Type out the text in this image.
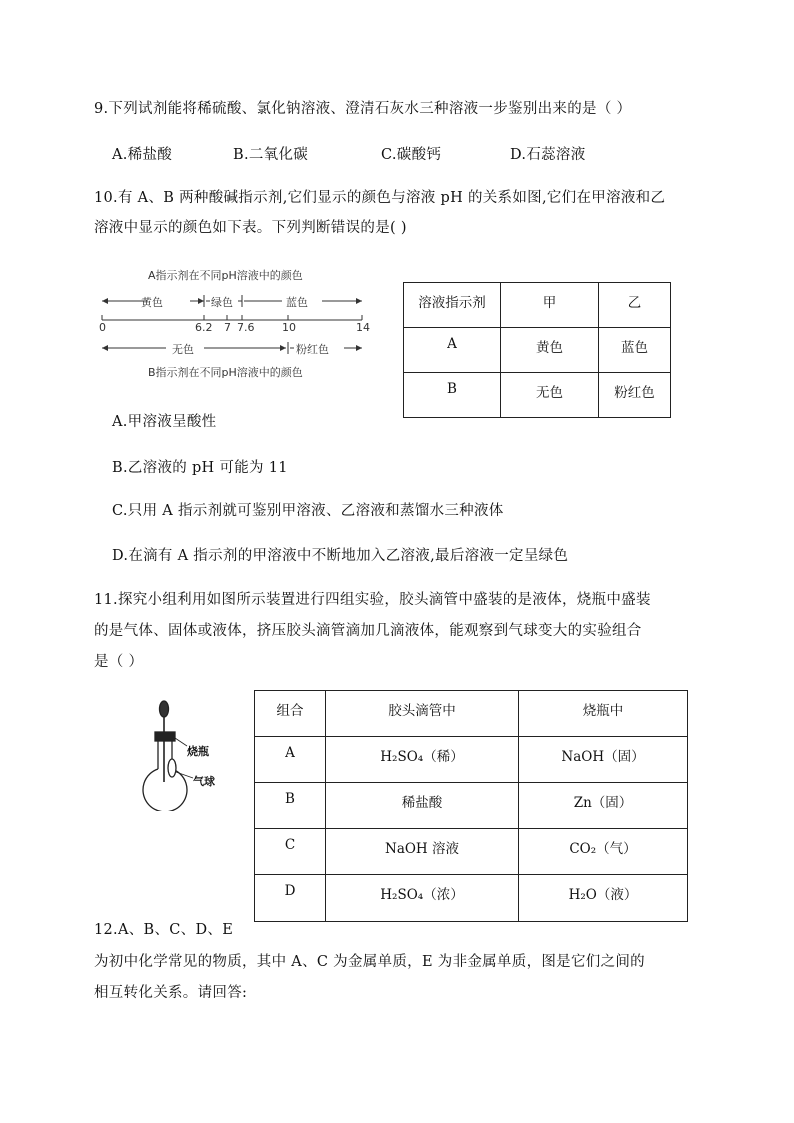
9.下列试剂能将稀硫酸、氯化钠溶液、澄清石灰水三种溶液一步鉴别出来的是（ ）
A.稀盐酸	B.二氧化碳	C.碳酸钙	D.石蕊溶液
10.有 A、B 两种酸碱指示剂,它们显示的颜色与溶液 pH 的关系如图,它们在甲溶液和乙
溶液中显示的颜色如下表。下列判断错误的是( )
A指示剂在不同pH溶液中的颜色
黄色	绿色	蓝色
0	6.2 7 7.6	10	14
无色	粉红色
B指示剂在不同pH溶液中的颜色
溶液指示剂	甲	乙
A	黄色	蓝色
B	无色	粉红色
A.甲溶液呈酸性
B.乙溶液的 pH 可能为 11
C.只用 A 指示剂就可鉴别甲溶液、乙溶液和蒸馏水三种液体
D.在滴有 A 指示剂的甲溶液中不断地加入乙溶液,最后溶液一定呈绿色
11.探究小组利用如图所示装置进行四组实验，胶头滴管中盛装的是液体，烧瓶中盛装
的是气体、固体或液体，挤压胶头滴管滴加几滴液体，能观察到气球变大的实验组合
是（ ）
烧瓶
气球
组合	胶头滴管中	烧瓶中
A	H₂SO₄（稀）	NaOH（固）
B	稀盐酸	Zn（固）
C	NaOH 溶液	CO₂（气）
D	H₂SO₄（浓）	H₂O（液）
12.A、B、C、D、E
为初中化学常见的物质，其中 A、C 为金属单质，E 为非金属单质，图是它们之间的
相互转化关系。请回答:
